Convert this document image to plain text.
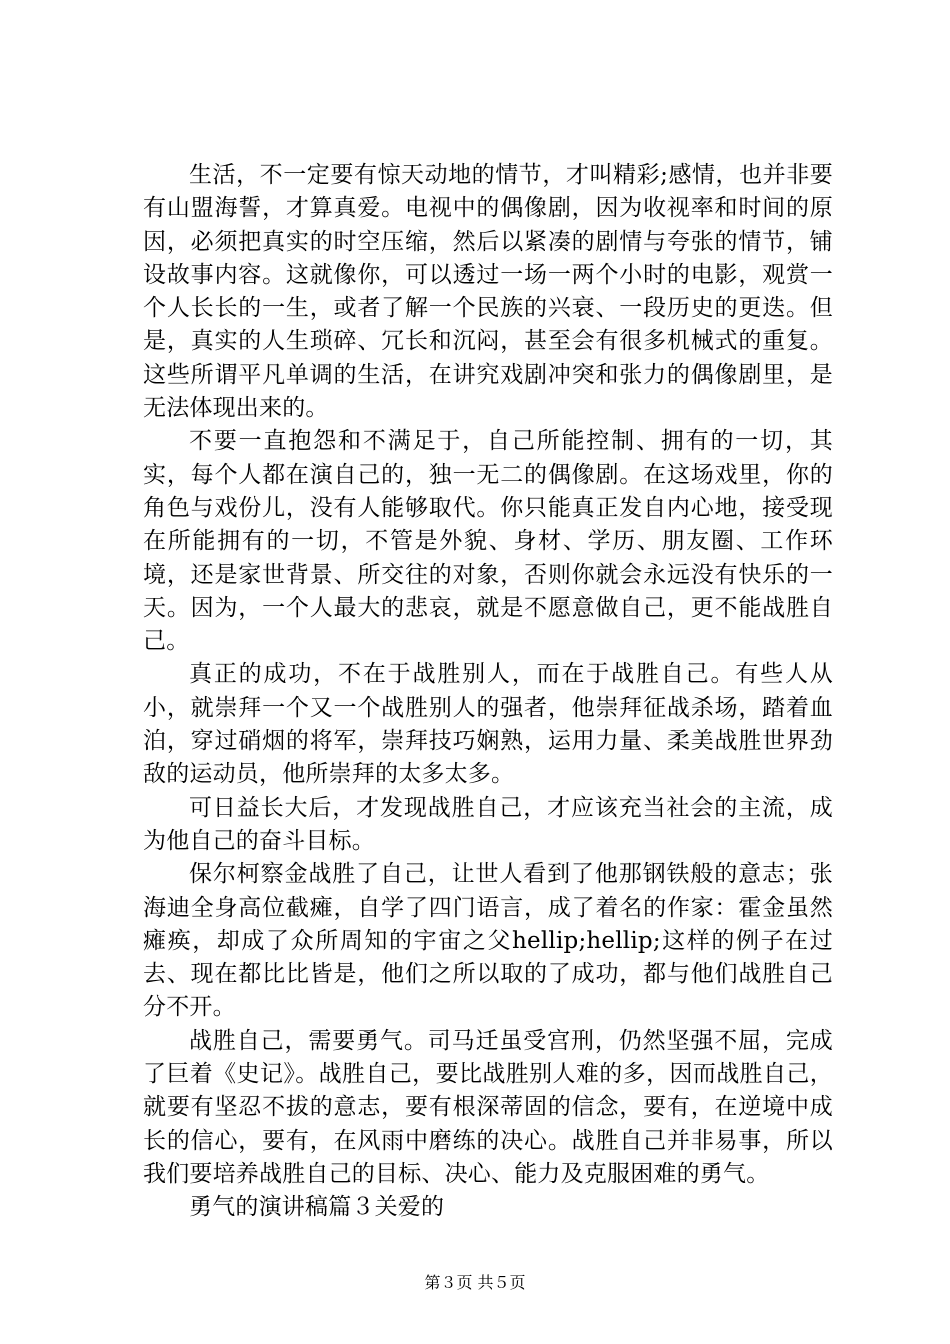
生活，不一定要有惊天动地的情节，才叫精彩;感情，也并非要有山盟海誓，才算真爱。电视中的偶像剧，因为收视率和时间的原因，必须把真实的时空压缩，然后以紧凑的剧情与夸张的情节，铺设故事内容。这就像你，可以透过一场一两个小时的电影，观赏一个人长长的一生，或者了解一个民族的兴衰、一段历史的更迭。但是，真实的人生琐碎、冗长和沉闷，甚至会有很多机械式的重复。这些所谓平凡单调的生活，在讲究戏剧冲突和张力的偶像剧里，是无法体现出来的。

不要一直抱怨和不满足于，自己所能控制、拥有的一切，其实，每个人都在演自己的，独一无二的偶像剧。在这场戏里，你的角色与戏份儿，没有人能够取代。你只能真正发自内心地，接受现在所能拥有的一切，不管是外貌、身材、学历、朋友圈、工作环境，还是家世背景、所交往的对象，否则你就会永远没有快乐的一天。因为，一个人最大的悲哀，就是不愿意做自己，更不能战胜自己。

真正的成功，不在于战胜别人，而在于战胜自己。有些人从小，就崇拜一个又一个战胜别人的强者，他崇拜征战杀场，踏着血泊，穿过硝烟的将军，崇拜技巧娴熟，运用力量、柔美战胜世界劲敌的运动员，他所崇拜的太多太多。

可日益长大后，才发现战胜自己，才应该充当社会的主流，成为他自己的奋斗目标。

保尔柯察金战胜了自己，让世人看到了他那钢铁般的意志；张海迪全身高位截瘫，自学了四门语言，成了着名的作家：霍金虽然瘫痪，却成了众所周知的宇宙之父hellip;hellip;这样的例子在过去、现在都比比皆是，他们之所以取的了成功，都与他们战胜自己分不开。

战胜自己，需要勇气。司马迁虽受宫刑，仍然坚强不屈，完成了巨着《史记》。战胜自己，要比战胜别人难的多，因而战胜自己，就要有坚忍不拔的意志，要有根深蒂固的信念，要有，在逆境中成长的信心，要有，在风雨中磨练的决心。战胜自己并非易事，所以我们要培养战胜自己的目标、决心、能力及克服困难的勇气。

勇气的演讲稿篇３关爱的

第３页 共５页
